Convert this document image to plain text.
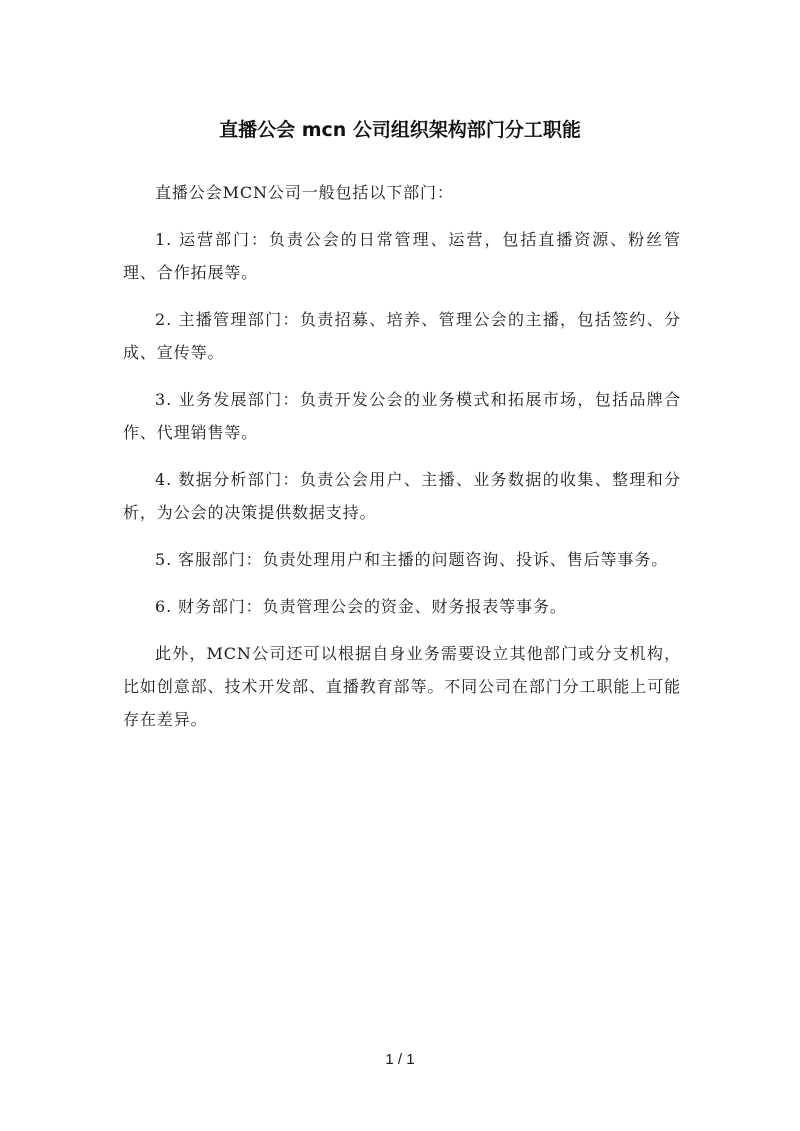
直播公会 mcn 公司组织架构部门分工职能

直播公会MCN公司一般包括以下部门：

1. 运营部门：负责公会的日常管理、运营，包括直播资源、粉丝管理、合作拓展等。

2. 主播管理部门：负责招募、培养、管理公会的主播，包括签约、分成、宣传等。

3. 业务发展部门：负责开发公会的业务模式和拓展市场，包括品牌合作、代理销售等。

4. 数据分析部门：负责公会用户、主播、业务数据的收集、整理和分析，为公会的决策提供数据支持。

5. 客服部门：负责处理用户和主播的问题咨询、投诉、售后等事务。

6. 财务部门：负责管理公会的资金、财务报表等事务。

此外，MCN公司还可以根据自身业务需要设立其他部门或分支机构，比如创意部、技术开发部、直播教育部等。不同公司在部门分工职能上可能存在差异。

1 / 1
